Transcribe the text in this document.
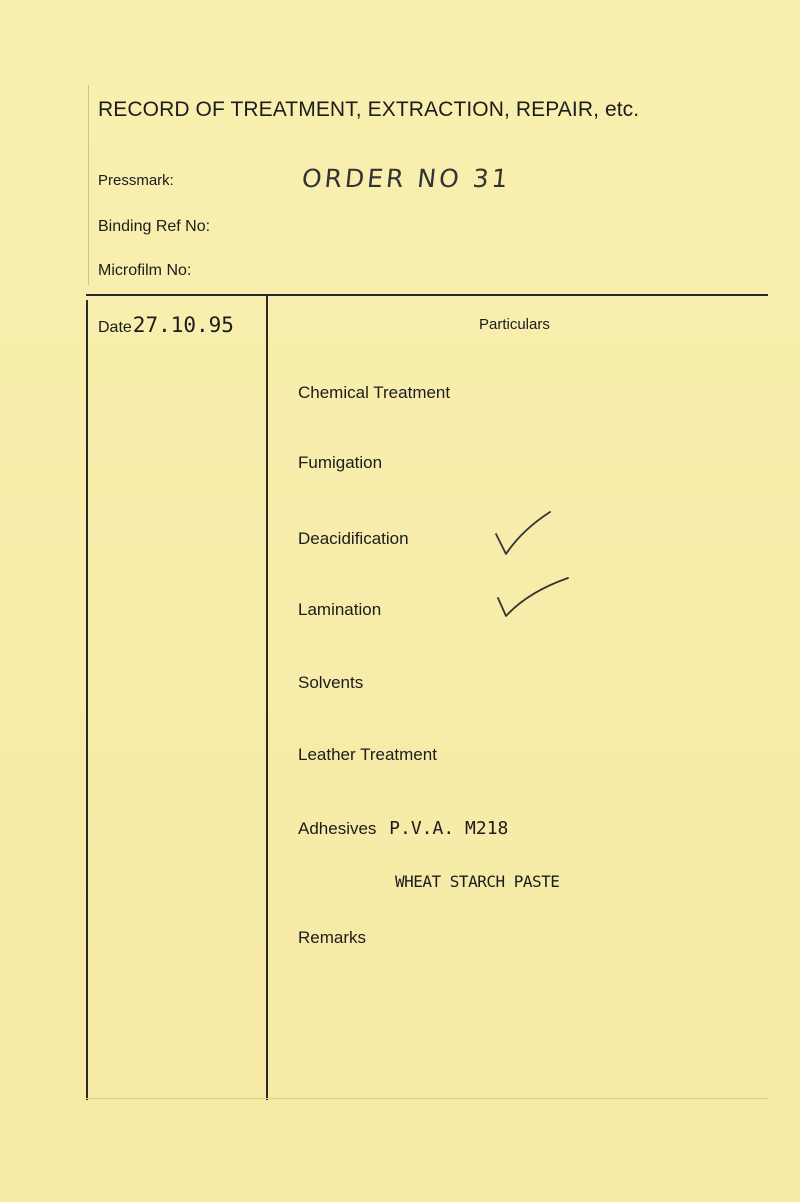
RECORD OF TREATMENT, EXTRACTION, REPAIR, etc.
Pressmark:	ORDER NO 31
Binding Ref No:
Microfilm No:
Date27.10.95	Particulars
Chemical Treatment
Fumigation
Deacidification
Lamination
Solvents
Leather Treatment
Adhesives P.V.A. M218
WHEAT STARCH PASTE
Remarks
